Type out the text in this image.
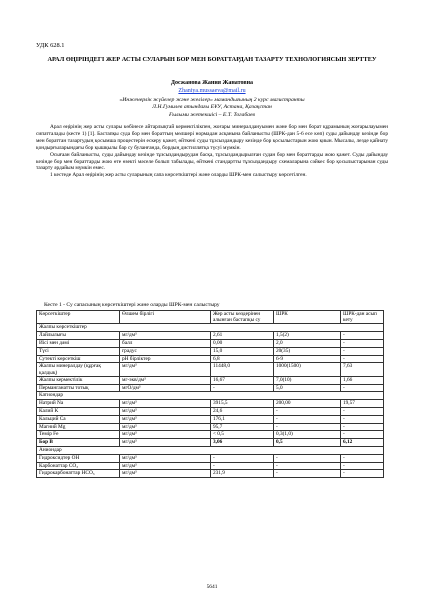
УДК 628.1
АРАЛ ӨҢІРІНДЕГІ ЖЕР АСТЫ СУЛАРЫН БОР МЕН БОРАТТАРДАН ТАЗАРТУ ТЕХНОЛОГИЯСЫН ЗЕРТТЕУ
Досжанова Жания Жанатовна
Zhaniya.mussaeva@mail.ru
«Инженерлік жүйелер және желілер» мамандығының 2 курс магистранты
Л.Н.Гумилев атындағы ЕҰУ, Астана, Қазақстан
Ғылыми жетекшісі – Е.Т. Тогабаев

Арал өңірінің жер асты сулары көбінесе айтарлықтай кермектілікпен, жоғары минералдануымен және бор мен борат құрамының жоғарылауымен сипатталады (кесте 1) [1]. Бастапқы суда бор мен бораттың мөлшері нормадан асқанына байланысты (ШРК-дан 5-6 есе көп) суды дайындау кезінде бор мен бораттан тазартудың қосымша процестерін ескеру қажет, өйткені суды тұзсыздандыру кезінде бор қосылыстарын жою қиын. Мысалы, лезде қайнату қондырғыларындағы бор қышқылы бар су буланғанда, бордың дистиллятқа түсуі мүмкін.

Осығаан байланысты, суды дайындау кезінде тұзсыздандырудан басқа, тұзсыздандырылған судан бор мен бораттарды жою қажет. Суды дайындау кезінде бор мен бораттарды жою өте өзекті мәселе болып табылады, өйткені стандартты тұзсыздандыру схемаларына сәйкес бор қосылыстарынан суды тазарту әрдайым мүмкін емес.

1 кестеде Арал өңірінің жер асты суларының сапа көрсеткіштері және оларды ШРК-мен салыстыру көрсетілген.

Кесте 1 - Су сапасының көрсеткіштері және оларды ШРК-мен салыстыру
Көрсеткіштер	Өлшем бірлігі	Жер асты көздерінен алынған бастапқы су	ШРК	ШРК-дан асып кету
Жалпы көрсеткіштер				
Лайлылығы	мг/дм³	2,61	1,5(2)	-
Иісі мен дәмі	балл	0,00	2,0	-
Түсі	градус	15,0	20(35)	-
Сутекті көрсеткіш	pH бірліктер	6,8	6-9	-
Жалпы минералдау (құрғақ қалдық)	мг/дм³	11448,0	1000(1500)	7,63
Жалпы кермектілік	мг-экв/дм³	16,67	7,0(10)	1,66
Перманганатты тотық	мгО/дм³	-	5,0	-
Катиондар				
Натрий Na	мг/дм³	3915,5	200,00	19,57
Калий K	мг/дм³	24,6	-	-
Кальций Са	мг/дм³	176,1	-	-
Магний Mg	мг/дм³	95,7	-	-
Темір Fe	мг/дм³	< 0,5	0,3(1,0)	-
Бор B	мг/дм³	3,06	0,5	6,12
Аниондар				
Гидроксидтер OH	мг/дм³	-	-	-
Карбонаттар CO₃	мг/дм³	-	-	-
Гидрокарбонаттар HCO₃	мг/дм³	231,9	-	-
5641
